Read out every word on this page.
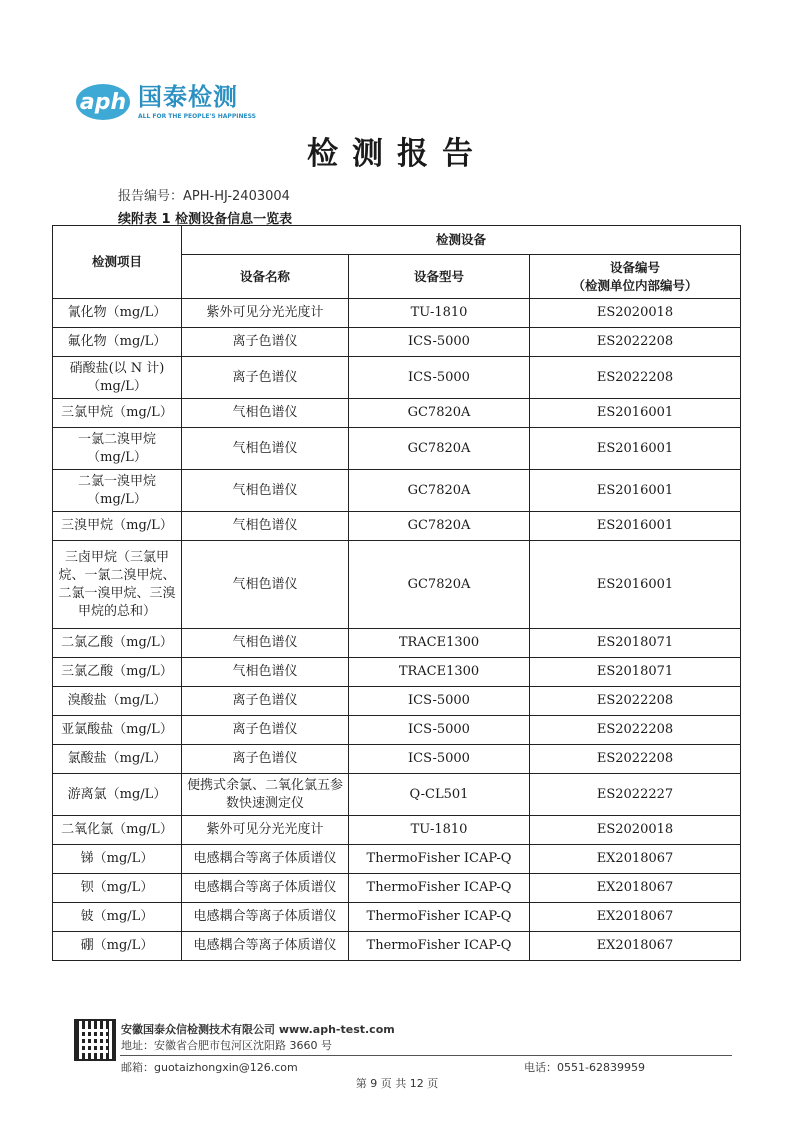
aph 国泰检测
ALL FOR THE PEOPLE'S HAPPINESS
检测报告
报告编号：APH-HJ-2403004
续附表 1 检测设备信息一览表
检测项目	检测设备		
	设备名称	设备型号	设备编号
（检测单位内部编号）

氰化物（mg/L）	紫外可见分光光度计	TU-1810	ES2020018
氟化物（mg/L）	离子色谱仪	ICS-5000	ES2022208
硝酸盐(以 N 计)（mg/L）	离子色谱仪	ICS-5000	ES2022208
三氯甲烷（mg/L）	气相色谱仪	GC7820A	ES2016001
一氯二溴甲烷（mg/L）	气相色谱仪	GC7820A	ES2016001
二氯一溴甲烷（mg/L）	气相色谱仪	GC7820A	ES2016001
三溴甲烷（mg/L）	气相色谱仪	GC7820A	ES2016001
三卤甲烷（三氯甲烷、一氯二溴甲烷、二氯一溴甲烷、三溴甲烷的总和）	气相色谱仪	GC7820A	ES2016001
二氯乙酸（mg/L）	气相色谱仪	TRACE1300	ES2018071
三氯乙酸（mg/L）	气相色谱仪	TRACE1300	ES2018071
溴酸盐（mg/L）	离子色谱仪	ICS-5000	ES2022208
亚氯酸盐（mg/L）	离子色谱仪	ICS-5000	ES2022208
氯酸盐（mg/L）	离子色谱仪	ICS-5000	ES2022208
游离氯（mg/L）	便携式余氯、二氧化氯五参数快速测定仪	Q-CL501	ES2022227
二氧化氯（mg/L）	紫外可见分光光度计	TU-1810	ES2020018
锑（mg/L）	电感耦合等离子体质谱仪	ThermoFisher ICAP-Q	EX2018067
钡（mg/L）	电感耦合等离子体质谱仪	ThermoFisher ICAP-Q	EX2018067
铍（mg/L）	电感耦合等离子体质谱仪	ThermoFisher ICAP-Q	EX2018067
硼（mg/L）	电感耦合等离子体质谱仪	ThermoFisher ICAP-Q	EX2018067
安徽国泰众信检测技术有限公司 www.aph-test.com
地址：安徽省合肥市包河区沈阳路 3660 号
邮箱：guotaizhongxin@126.com	电话：0551-62839959
第 9 页 共 12 页
